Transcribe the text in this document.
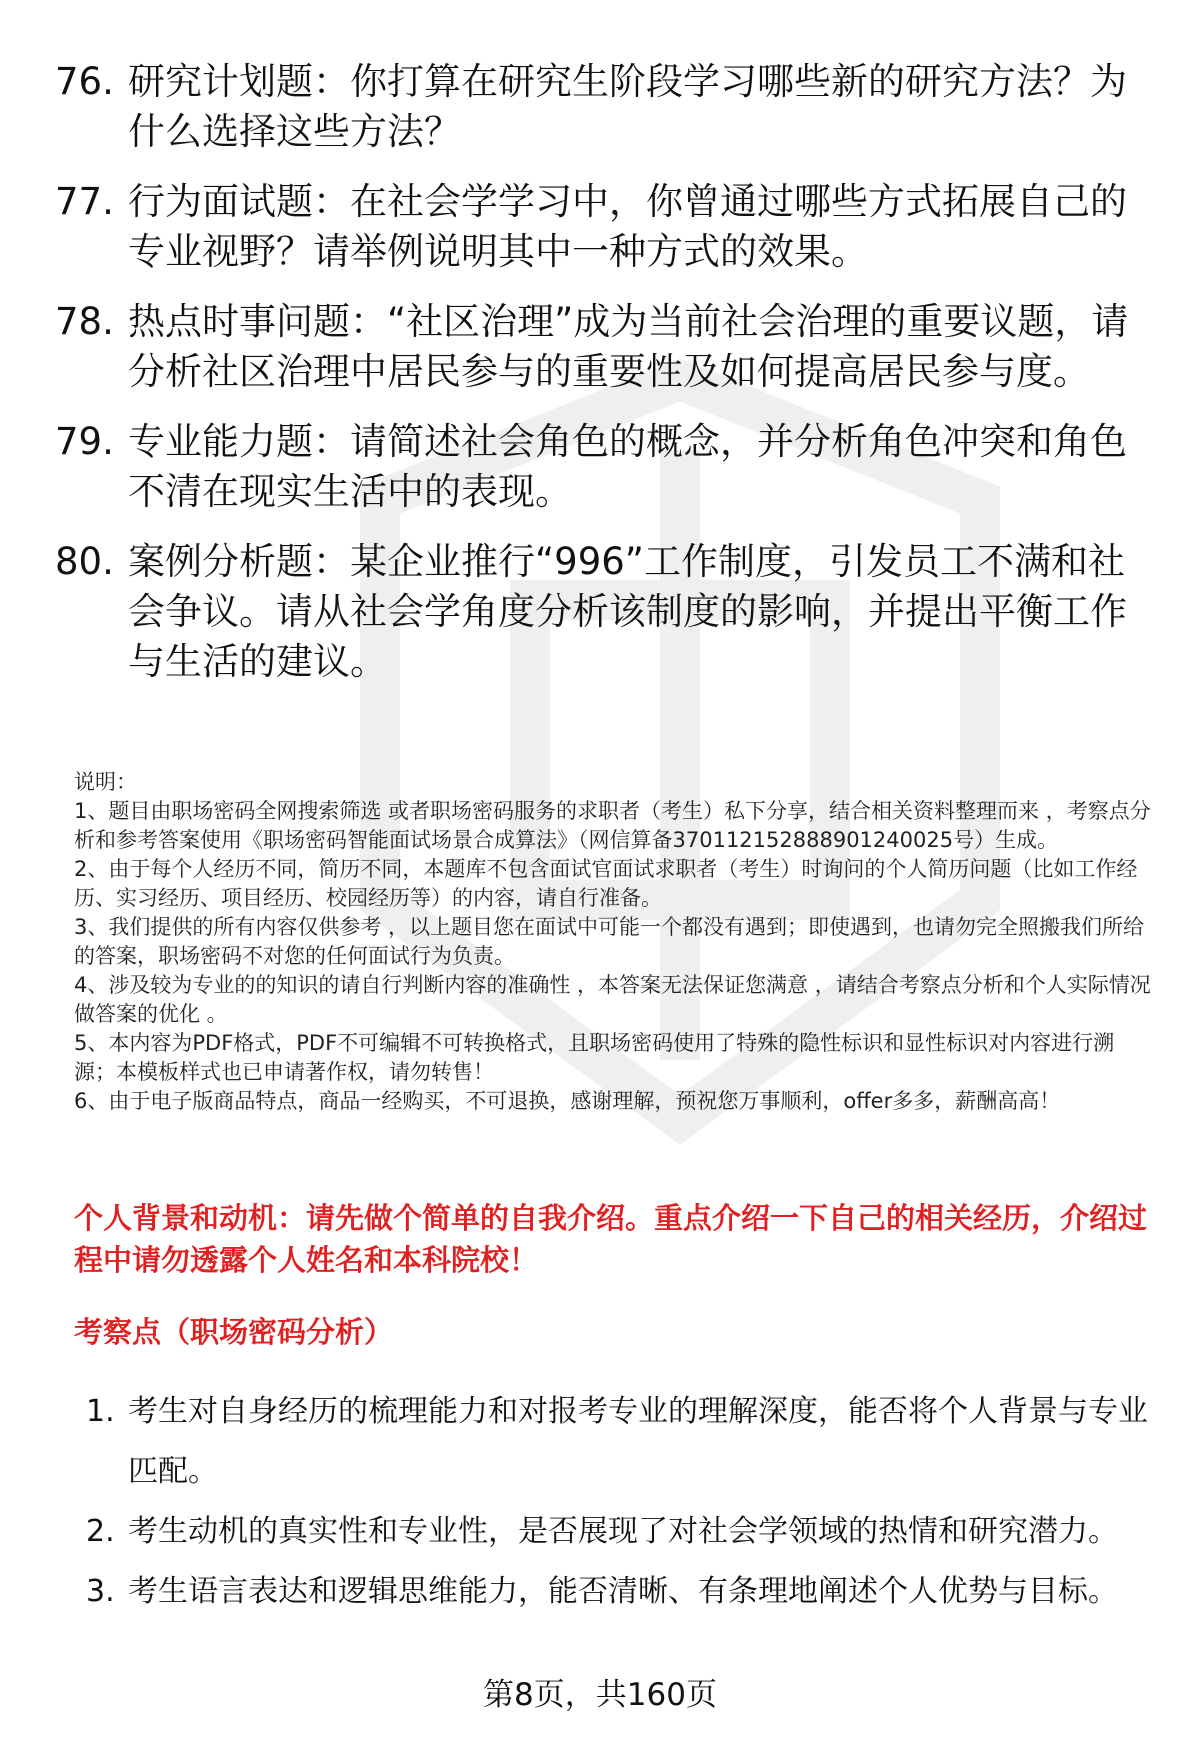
76. 研究计划题：你打算在研究生阶段学习哪些新的研究方法？为什么选择这些方法？
77. 行为面试题：在社会学学习中，你曾通过哪些方式拓展自己的专业视野？请举例说明其中一种方式的效果。
78. 热点时事问题：“社区治理”成为当前社会治理的重要议题，请分析社区治理中居民参与的重要性及如何提高居民参与度。
79. 专业能力题：请简述社会角色的概念，并分析角色冲突和角色不清在现实生活中的表现。
80. 案例分析题：某企业推行“996”工作制度，引发员工不满和社会争议。请从社会学角度分析该制度的影响，并提出平衡工作与生活的建议。
说明：
1、题目由职场密码全网搜索筛选 或者职场密码服务的求职者（考生）私下分享，结合相关资料整理而来 ，考察点分析和参考答案使用《职场密码智能面试场景合成算法》（网信算备370112152888901240025号）生成。
2、由于每个人经历不同，简历不同，本题库不包含面试官面试求职者（考生）时询问的个人简历问题（比如工作经历、实习经历、项目经历、校园经历等）的内容，请自行准备。
3、我们提供的所有内容仅供参考 ，以上题目您在面试中可能一个都没有遇到；即使遇到，也请勿完全照搬我们所给的答案，职场密码不对您的任何面试行为负责。
4、涉及较为专业的的知识的请自行判断内容的准确性 ，本答案无法保证您满意 ，请结合考察点分析和个人实际情况做答案的优化 。
5、本内容为PDF格式，PDF不可编辑不可转换格式，且职场密码使用了特殊的隐性标识和显性标识对内容进行溯源；本模板样式也已申请著作权，请勿转售！
6、由于电子版商品特点，商品一经购买，不可退换，感谢理解，预祝您万事顺利，offer多多，薪酬高高！
个人背景和动机：请先做个简单的自我介绍。重点介绍一下自己的相关经历，介绍过程中请勿透露个人姓名和本科院校！
考察点（职场密码分析）
1. 考生对自身经历的梳理能力和对报考专业的理解深度，能否将个人背景与专业匹配。
2. 考生动机的真实性和专业性，是否展现了对社会学领域的热情和研究潜力。
3. 考生语言表达和逻辑思维能力，能否清晰、有条理地阐述个人优势与目标。
第8页，共160页
